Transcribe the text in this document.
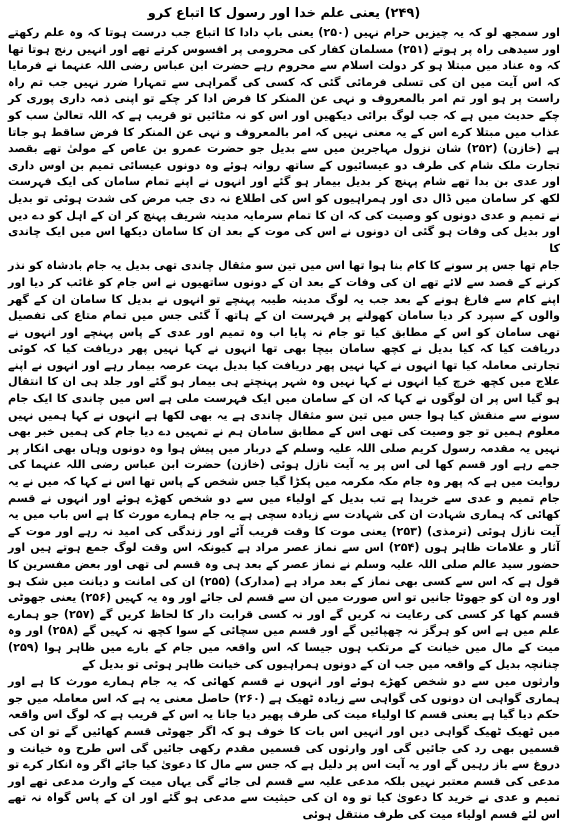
(۲۴۹) یعنی علم خدا اور رسول کا اتباع کرو

اور سمجھ لو کہ یہ چیزیں حرام نہیں (۲۵۰) یعنی باپ دادا کا اتباع جب درست ہوتا کہ وہ علم رکھتے اور سیدھی راہ پر ہوتے (۲۵۱) مسلمان کفار کی محرومی پر افسوس کرتے تھے اور انہیں رنج ہوتا تھا کہ وہ عناد میں مبتلا ہو کر دولت اسلام سے محروم رہے حضرت ابن عباس رضی اللہ عنہما نے فرمایا کہ اس آیت میں ان کی تسلی فرمائی گئی کہ کسی کی گمراہی سے تمہارا ضرر نہیں جب تم راہ راست پر ہو اور تم امر بالمعروف و نہی عن المنکر کا فرض ادا کر چکے تو اپنی ذمہ داری پوری کر چکے حدیث میں ہے کہ جب لوگ برائی دیکھیں اور اس کو نہ مٹائیں تو قریب ہے کہ اللہ تعالیٰ سب کو عذاب میں مبتلا کرے اس کے یہ معنی نہیں کہ امر بالمعروف و نہی عن المنکر کا فرض ساقط ہو جاتا ہے (خازن) (۲۵۲) شان نزول مہاجرین میں سے بدیل جو حضرت عمرو بن عاص کے مولیٰ تھے بقصد تجارت ملک شام کی طرف دو عیسائیوں کے ساتھ روانہ ہوئے وہ دونوں عیسائی تمیم بن اوس داری اور عدی بن بدا تھے شام پہنچ کر بدیل بیمار ہو گئے اور انہوں نے اپنے تمام سامان کی ایک فہرست لکھ کر سامان میں ڈال دی اور ہمراہیوں کو اس کی اطلاع نہ دی جب مرض کی شدت ہوئی تو بدیل نے تمیم و عدی دونوں کو وصیت کی کہ ان کا تمام سرمایہ مدینہ شریف پہنچ کر ان کے اہل کو دے دیں اور بدیل کی وفات ہو گئی ان دونوں نے اس کی موت کے بعد ان کا سامان دیکھا اس میں ایک چاندی کا

جام تھا جس پر سونے کا کام بنا ہوا تھا اس میں تین سو مثقال چاندی تھی بدیل یہ جام بادشاہ کو نذر کرنے کے قصد سے لائے تھے ان کی وفات کے بعد ان کے دونوں ساتھیوں نے اس جام کو غائب کر دیا اور اپنے کام سے فارغ ہونے کے بعد جب یہ لوگ مدینہ طیبہ پہنچے تو انہوں نے بدیل کا سامان ان کے گھر والوں کے سپرد کر دیا سامان کھولنے پر فہرست ان کے ہاتھ آ گئی جس میں تمام متاع کی تفصیل تھی سامان کو اس کے مطابق کیا تو جام نہ پایا اب وہ تمیم اور عدی کے پاس پہنچے اور انہوں نے دریافت کیا کہ کیا بدیل نے کچھ سامان بیچا بھی تھا انہوں نے کہا نہیں پھر دریافت کیا کہ کوئی تجارتی معاملہ کیا تھا انہوں نے کہا نہیں پھر دریافت کیا بدیل بہت عرصہ بیمار رہے اور انہوں نے اپنے علاج میں کچھ خرچ کیا انہوں نے کہا نہیں وہ شہر پہنچتے ہی بیمار ہو گئے اور جلد ہی ان کا انتقال ہو گیا اس پر ان لوگوں نے کہا کہ ان کے سامان میں ایک فہرست ملی ہے اس میں چاندی کا ایک جام سونے سے منقش کیا ہوا جس میں تین سو مثقال چاندی ہے یہ بھی لکھا ہے انہوں نے کہا ہمیں نہیں معلوم ہمیں تو جو وصیت کی تھی اس کے مطابق سامان ہم نے تمہیں دے دیا جام کی ہمیں خبر بھی نہیں یہ مقدمہ رسول کریم صلی اللہ علیہ وسلم کے دربار میں پیش ہوا وہ دونوں وہاں بھی انکار پر جمے رہے اور قسم کھا لی اس پر یہ آیت نازل ہوئی (خازن) حضرت ابن عباس رضی اللہ عنہما کی روایت میں ہے کہ پھر وہ جام مکہ مکرمہ میں پکڑا گیا جس شخص کے پاس تھا اس نے کہا کہ میں نے یہ جام تمیم و عدی سے خریدا ہے تب بدیل کے اولیاء میں سے دو شخص کھڑے ہوئے اور انہوں نے قسم کھائی کہ ہماری شہادت ان کی شہادت سے زیادہ سچی ہے یہ جام ہمارے مورث کا ہے اس باب میں یہ آیت نازل ہوئی (ترمذی) (۲۵۳) یعنی موت کا وقت قریب آئے اور زندگی کی امید نہ رہے اور موت کے آثار و علامات ظاہر ہوں (۲۵۴) اس سے نماز عصر مراد ہے کیونکہ اس وقت لوگ جمع ہوتے ہیں اور حضور سید عالم صلی اللہ علیہ وسلم نے نماز عصر کے بعد ہی وہ قسم لی تھی اور بعض مفسرین کا قول ہے کہ اس سے کسی بھی نماز کے بعد مراد ہے (مدارک) (۲۵۵) ان کی امانت و دیانت میں شک ہو اور وہ ان کو جھوٹا جانیں تو اس صورت میں ان سے قسم لی جائے اور وہ یہ کہیں (۲۵۶) یعنی جھوٹی قسم کھا کر کسی کی رعایت نہ کریں گے اور نہ کسی قرابت دار کا لحاظ کریں گے (۲۵۷) جو ہمارے علم میں ہے اس کو ہرگز نہ چھپائیں گے اور قسم میں سچائی کے سوا کچھ نہ کہیں گے (۲۵۸) اور وہ میت کے مال میں خیانت کے مرتکب ہوں جیسا کہ اس واقعہ میں جام کے بارے میں ظاہر ہوا (۲۵۹) چنانچہ بدیل کے واقعہ میں جب ان کے دونوں ہمراہیوں کی خیانت ظاہر ہوئی تو بدیل کے

وارثوں میں سے دو شخص کھڑے ہوئے اور انہوں نے قسم کھائی کہ یہ جام ہمارے مورث کا ہے اور ہماری گواہی ان دونوں کی گواہی سے زیادہ ٹھیک ہے (۲۶۰) حاصل معنی یہ ہے کہ اس معاملہ میں جو حکم دیا گیا ہے یعنی قسم کا اولیاء میت کی طرف پھیر دیا جانا یہ اس کے قریب ہے کہ لوگ اس واقعہ میں ٹھیک ٹھیک گواہی دیں اور انہیں اس بات کا خوف ہو کہ اگر جھوٹی قسم کھائیں گے تو ان کی قسمیں بھی رد کی جائیں گی اور وارثوں کی قسمیں مقدم رکھی جائیں گی اس طرح وہ خیانت و دروغ سے باز رہیں گے اور یہ آیت اس پر دلیل ہے کہ جس سے مال کا دعویٰ کیا جائے اگر وہ انکار کرے تو مدعی کی قسم معتبر نہیں بلکہ مدعی علیہ سے قسم لی جائے گی یہاں میت کے وارث مدعی تھے اور تمیم و عدی نے خرید کا دعویٰ کیا تو وہ ان کی حیثیت سے مدعی ہو گئے اور ان کے پاس گواہ نہ تھے اس لئے قسم اولیاء میت کی طرف منتقل ہوئی
